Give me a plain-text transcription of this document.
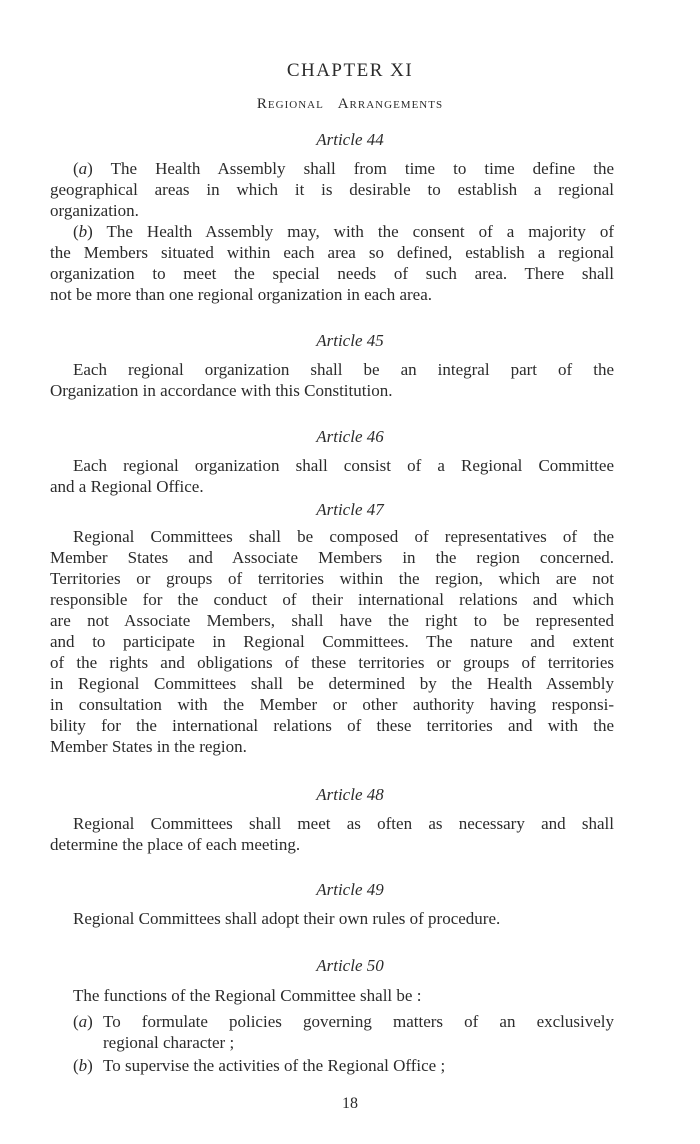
CHAPTER XI
Regional Arrangements
Article 44
(a) The Health Assembly shall from time to time define the
geographical areas in which it is desirable to establish a regional
organization.
(b) The Health Assembly may, with the consent of a majority of
the Members situated within each area so defined, establish a regional
organization to meet the special needs of such area. There shall
not be more than one regional organization in each area.
Article 45
Each regional organization shall be an integral part of the
Organization in accordance with this Constitution.
Article 46
Each regional organization shall consist of a Regional Committee
and a Regional Office.
Article 47
Regional Committees shall be composed of representatives of the
Member States and Associate Members in the region concerned.
Territories or groups of territories within the region, which are not
responsible for the conduct of their international relations and which
are not Associate Members, shall have the right to be represented
and to participate in Regional Committees. The nature and extent
of the rights and obligations of these territories or groups of territories
in Regional Committees shall be determined by the Health Assembly
in consultation with the Member or other authority having responsi-
bility for the international relations of these territories and with the
Member States in the region.
Article 48
Regional Committees shall meet as often as necessary and shall
determine the place of each meeting.
Article 49
Regional Committees shall adopt their own rules of procedure.
Article 50
The functions of the Regional Committee shall be :
(a) To formulate policies governing matters of an exclusively
regional character ;
(b) To supervise the activities of the Regional Office ;
18
